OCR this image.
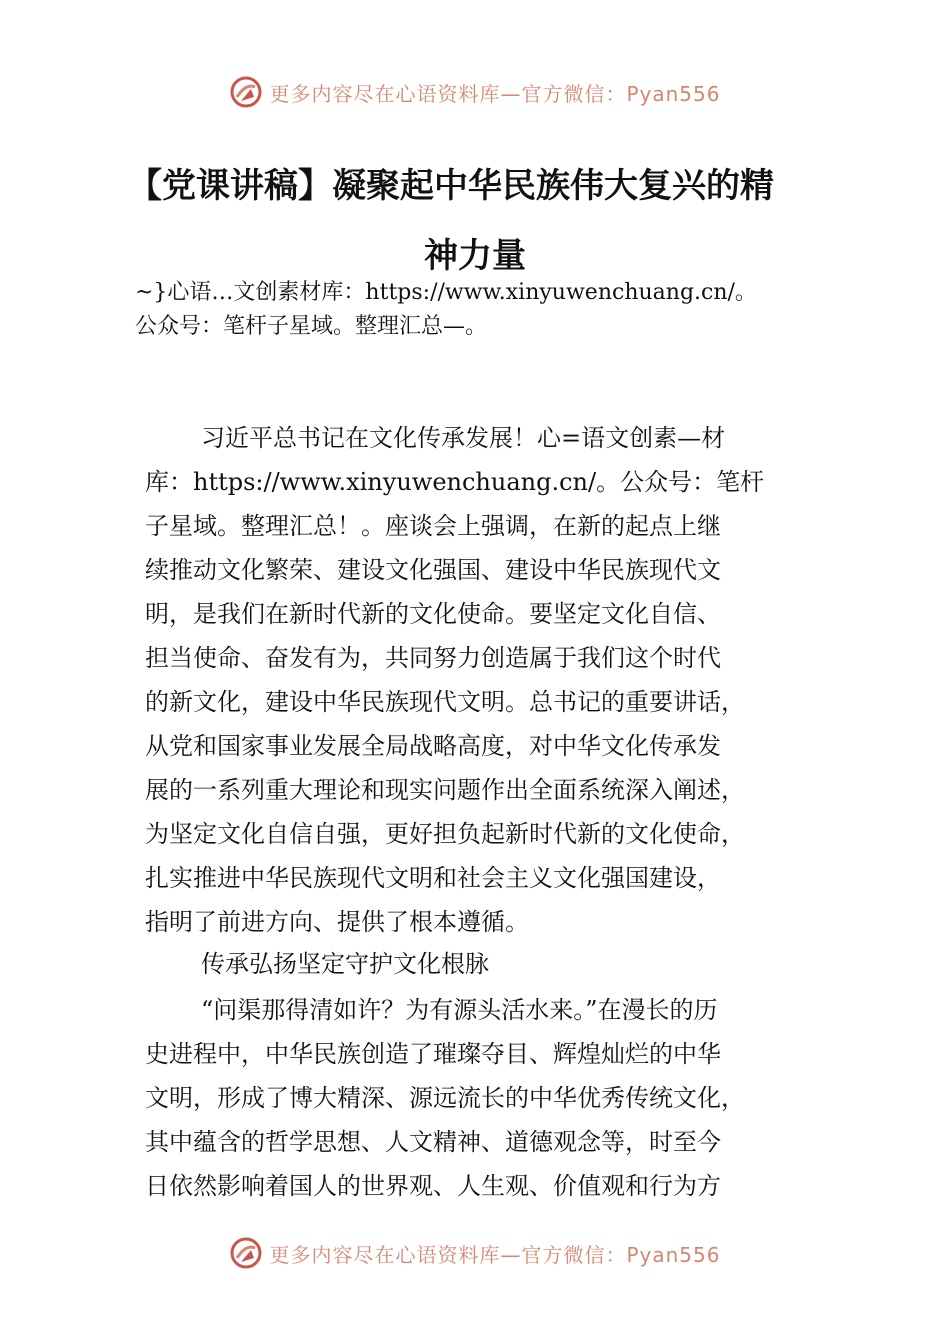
更多内容尽在心语资料库—官方微信：Pyan556
【党课讲稿】凝聚起中华民族伟大复兴的精
神力量
~}心语…文创素材库：https://www.xinyuwenchuang.cn/。
公众号：笔杆子星域。整理汇总—。
习近平总书记在文化传承发展！心=语文创素—材
库：https://www.xinyuwenchuang.cn/。公众号：笔杆
子星域。整理汇总！。座谈会上强调，在新的起点上继
续推动文化繁荣、建设文化强国、建设中华民族现代文
明，是我们在新时代新的文化使命。要坚定文化自信、
担当使命、奋发有为，共同努力创造属于我们这个时代
的新文化，建设中华民族现代文明。总书记的重要讲话，
从党和国家事业发展全局战略高度，对中华文化传承发
展的一系列重大理论和现实问题作出全面系统深入阐述，
为坚定文化自信自强，更好担负起新时代新的文化使命，
扎实推进中华民族现代文明和社会主义文化强国建设，
指明了前进方向、提供了根本遵循。
传承弘扬坚定守护文化根脉
“问渠那得清如许？为有源头活水来。”在漫长的历
史进程中，中华民族创造了璀璨夺目、辉煌灿烂的中华
文明，形成了博大精深、源远流长的中华优秀传统文化，
其中蕴含的哲学思想、人文精神、道德观念等，时至今
日依然影响着国人的世界观、人生观、价值观和行为方
更多内容尽在心语资料库—官方微信：Pyan556
